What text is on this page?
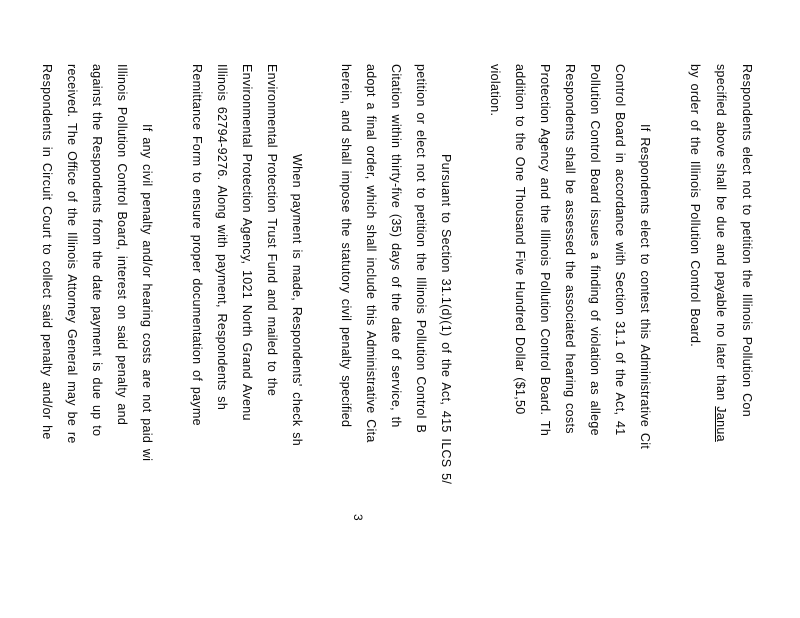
Respondents elect not to petition the Illinois Pollution Con
specified above shall be due and payable no later than Janua
by order of the Illinois Pollution Control Board.
If Respondents elect to contest this Administrative Cit
Control Board in accordance with Section 31.1 of the Act, 41
Pollution Control Board issues a finding of violation as allege
Respondents shall be assessed the associated hearing costs
Protection Agency and the Illinois Pollution Control Board. Th
addition to the One Thousand Five Hundred Dollar ($1,50
violation.
Pursuant to Section 31.1(d)(1) of the Act, 415 ILCS 5/
petition or elect not to petition the Illinois Pollution Control B
Citation within thirty-five (35) days of the date of service, th
adopt a final order, which shall include this Administrative Cita
herein, and shall impose the statutory civil penalty specified
When payment is made, Respondents' check sh
Environmental Protection Trust Fund and mailed to the
Environmental Protection Agency, 1021 North Grand Avenu
Illinois 62794-9276. Along with payment, Respondents sh
Remittance Form to ensure proper documentation of payme
If any civil penalty and/or hearing costs are not paid wi
Illinois Pollution Control Board, interest on said penalty and
against the Respondents from the date payment is due up to
received. The Office of the Illinois Attorney General may be re
Respondents in Circuit Court to collect said penalty and/or he
3
